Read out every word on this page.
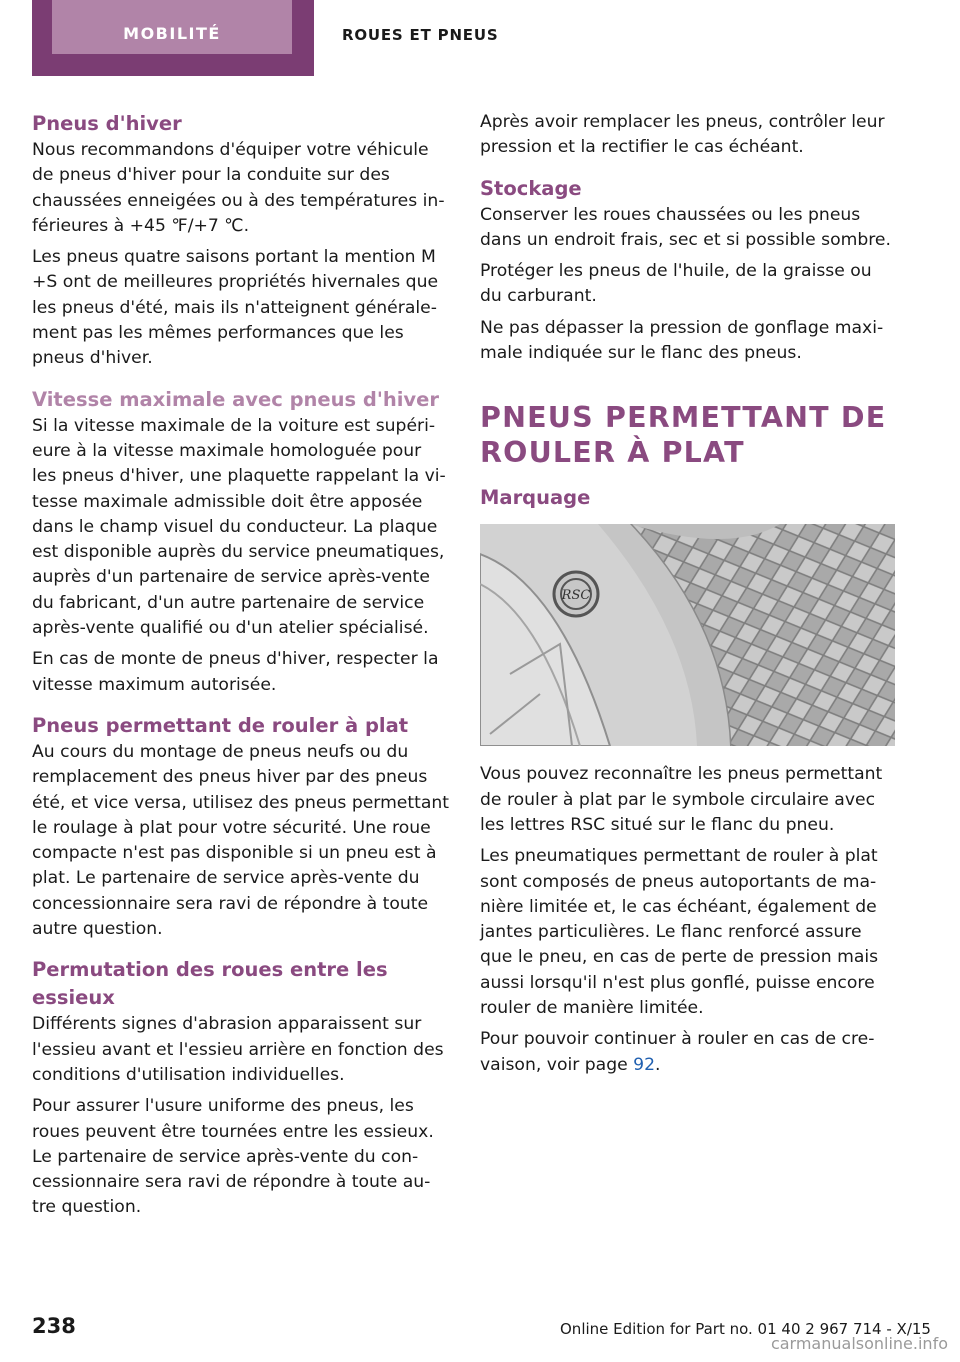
MOBILITÉ	ROUES ET PNEUS
Pneus d'hiver

Nous recommandons d'équiper votre véhicule de pneus d'hiver pour la conduite sur des chaussées enneigées ou à des températures in‐férieures à +45 ℉/+7 ℃.

Les pneus quatre saisons portant la mention M +S ont de meilleures propriétés hivernales que les pneus d'été, mais ils n'atteignent générale‐ment pas les mêmes performances que les pneus d'hiver.

Vitesse maximale avec pneus d'hiver

Si la vitesse maximale de la voiture est supéri‐eure à la vitesse maximale homologuée pour les pneus d'hiver, une plaquette rappelant la vi‐tesse maximale admissible doit être apposée dans le champ visuel du conducteur. La plaque est disponible auprès du service pneumatiques, auprès d'un partenaire de service après-vente du fabricant, d'un autre partenaire de service après-vente qualifié ou d'un atelier spécialisé.

En cas de monte de pneus d'hiver, respecter la vitesse maximum autorisée.

Pneus permettant de rouler à plat

Au cours du montage de pneus neufs ou du remplacement des pneus hiver par des pneus été, et vice versa, utilisez des pneus permettant le roulage à plat pour votre sécurité. Une roue compacte n'est pas disponible si un pneu est à plat. Le partenaire de service après-vente du concessionnaire sera ravi de répondre à toute autre question.

Permutation des roues entre les essieux

Différents signes d'abrasion apparaissent sur l'essieu avant et l'essieu arrière en fonction des conditions d'utilisation individuelles.

Pour assurer l'usure uniforme des pneus, les roues peuvent être tournées entre les essieux. Le partenaire de service après-vente du con‐cessionnaire sera ravi de répondre à toute au‐tre question.

Après avoir remplacer les pneus, contrôler leur pression et la rectifier le cas échéant.

Stockage

Conserver les roues chaussées ou les pneus dans un endroit frais, sec et si possible sombre.

Protéger les pneus de l'huile, de la graisse ou du carburant.

Ne pas dépasser la pression de gonflage maxi‐male indiquée sur le flanc des pneus.

PNEUS PERMETTANT DE ROULER À PLAT
Marquage
RSC

Vous pouvez reconnaître les pneus permettant de rouler à plat par le symbole circulaire avec les lettres RSC situé sur le flanc du pneu.

Les pneumatiques permettant de rouler à plat sont composés de pneus autoportants de ma‐nière limitée et, le cas échéant, également de jantes particulières. Le flanc renforcé assure que le pneu, en cas de perte de pression mais aussi lorsqu'il n'est plus gonflé, puisse encore rouler de manière limitée.

Pour pouvoir continuer à rouler en cas de cre‐vaison, voir page 92.

238	Online Edition for Part no. 01 40 2 967 714 - X/15
carmanualsonline.info
